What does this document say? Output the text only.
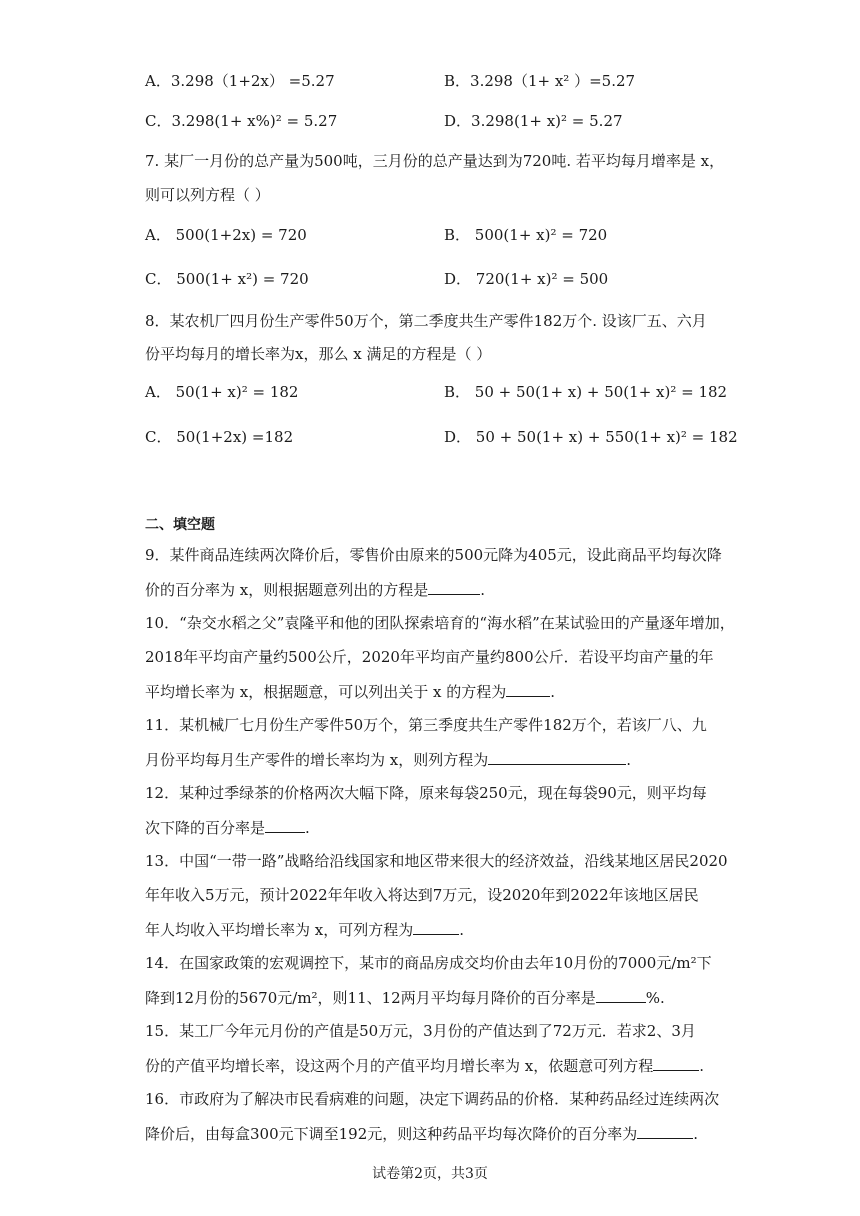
A．3.298（1+2x） =5.27	B．3.298（1+ x² ）=5.27
C．3.298(1+ x%)² = 5.27	D．3.298(1+ x)² = 5.27
7. 某厂一月份的总产量为500吨，三月份的总产量达到为720吨. 若平均每月增率是 x，
则可以列方程（ ）
A． 500(1+2x) = 720	B． 500(1+ x)² = 720
C． 500(1+ x²) = 720	D． 720(1+ x)² = 500
8．某农机厂四月份生产零件50万个，第二季度共生产零件182万个. 设该厂五、六月
份平均每月的增长率为x，那么 x 满足的方程是（ ）
A． 50(1+ x)² = 182	B． 50 + 50(1+ x) + 50(1+ x)² = 182
C． 50(1+2x) =182	D． 50 + 50(1+ x) + 550(1+ x)² = 182
二、填空题
9．某件商品连续两次降价后，零售价由原来的500元降为405元，设此商品平均每次降
价的百分率为 x，则根据题意列出的方程是	.
10．“杂交水稻之父”袁隆平和他的团队探索培育的“海水稻”在某试验田的产量逐年增加，
2018年平均亩产量约500公斤，2020年平均亩产量约800公斤．若设平均亩产量的年
平均增长率为 x，根据题意，可以列出关于 x 的方程为	.
11．某机械厂七月份生产零件50万个，第三季度共生产零件182万个，若该厂八、九
月份平均每月生产零件的增长率均为 x，则列方程为	.
12．某种过季绿茶的价格两次大幅下降，原来每袋250元，现在每袋90元，则平均每
次下降的百分率是	.
13．中国“一带一路”战略给沿线国家和地区带来很大的经济效益，沿线某地区居民2020
年年收入5万元，预计2022年年收入将达到7万元，设2020年到2022年该地区居民
年人均收入平均增长率为 x，可列方程为	.
14．在国家政策的宏观调控下，某市的商品房成交均价由去年10月份的7000元/m²下
降到12月份的5670元/m²，则11、12两月平均每月降价的百分率是	%.
15．某工厂今年元月份的产值是50万元，3月份的产值达到了72万元．若求2、3月
份的产值平均增长率，设这两个月的产值平均月增长率为 x，依题意可列方程	.
16．市政府为了解决市民看病难的问题，决定下调药品的价格．某种药品经过连续两次
降价后，由每盒300元下调至192元，则这种药品平均每次降价的百分率为	.
试卷第2页，共3页
